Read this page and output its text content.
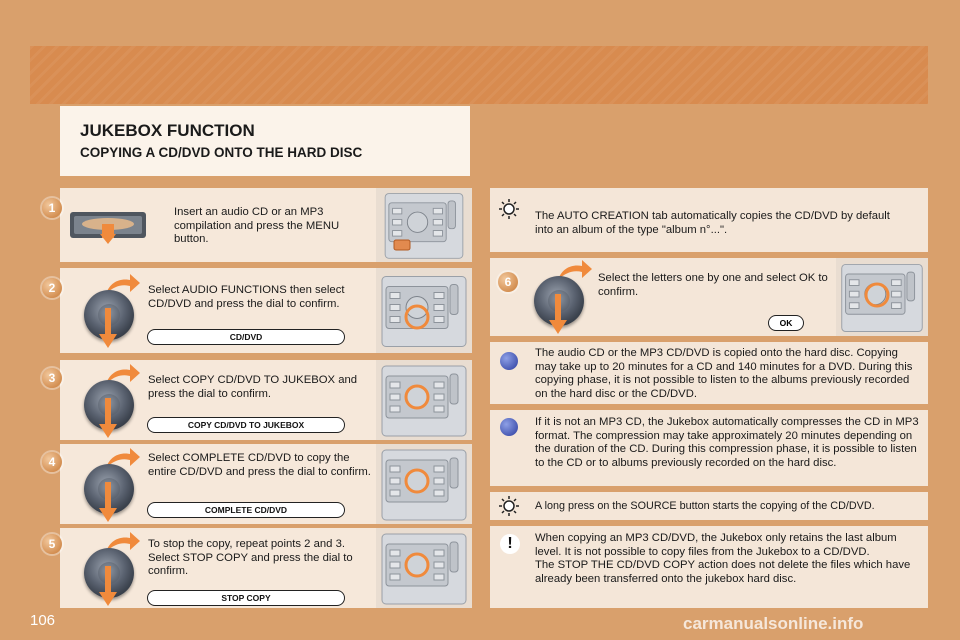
JUKEBOX FUNCTION
COPYING A CD/DVD ONTO THE HARD DISC
1	Insert an audio CD or an MP3 compilation and press the MENU button.
2	Select AUDIO FUNCTIONS then select CD/DVD and press the dial to confirm.
CD/DVD
3	Select COPY CD/DVD TO JUKEBOX and press the dial to confirm.
COPY CD/DVD TO JUKEBOX
4	Select COMPLETE CD/DVD to copy the entire CD/DVD and press the dial to confirm.
COMPLETE CD/DVD
5	To stop the copy, repeat points 2 and 3. Select STOP COPY and press the dial to confirm.
STOP COPY
The AUTO CREATION tab automatically copies the CD/DVD by default into an album of the type "album n°...".
6	Select the letters one by one and select OK to confirm.
OK
The audio CD or the MP3 CD/DVD is copied onto the hard disc. Copying may take up to 20 minutes for a CD and 140 minutes for a DVD. During this copying phase, it is not possible to listen to the albums previously recorded on the hard disc or the CD/DVD.
If it is not an MP3 CD, the Jukebox automatically compresses the CD in MP3 format. The compression may take approximately 20 minutes depending on the duration of the CD. During this compression phase, it is possible to listen to the CD or to albums previously recorded on the hard disc.
A long press on the SOURCE button starts the copying of the CD/DVD.
!	When copying an MP3 CD/DVD, the Jukebox only retains the last album level. It is not possible to copy files from the Jukebox to a CD/DVD.
The STOP THE CD/DVD COPY action does not delete the files which have already been transferred onto the jukebox hard disc.
106	carmanualsonline.info
